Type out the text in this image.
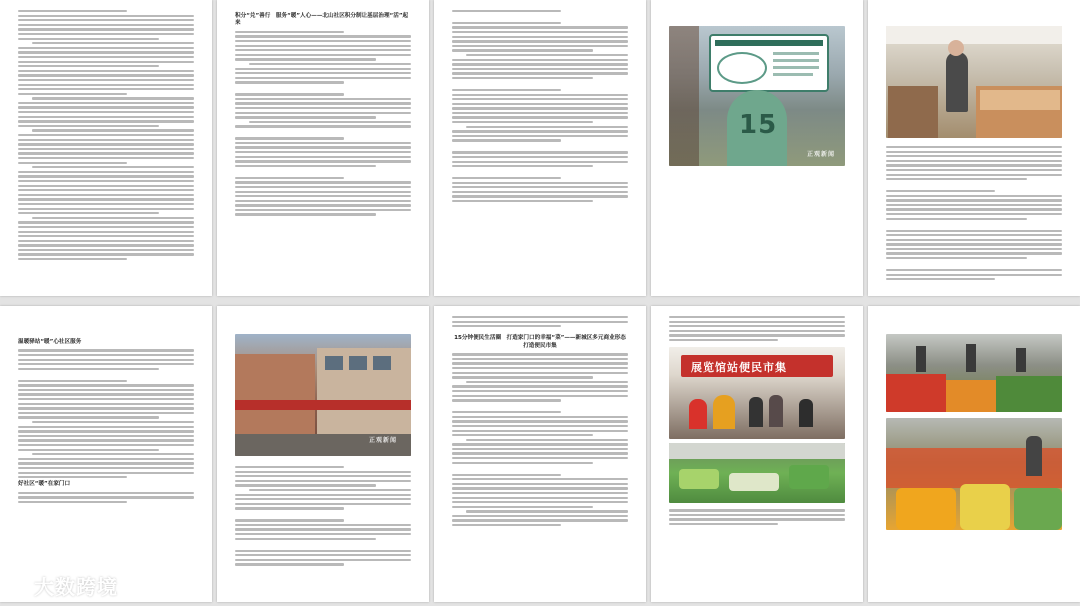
积分“兑”善行　服务“暖”人心——北山社区积分制让基层治理“活”起来
15
正观新闻
温暖驿站“暖”心社区服务
好社区“暖”在家门口
正观新闻
15分钟便民生活圈　打造家门口的幸福“菜”——新城区多元商业形态打造便民市集
展览馆站便民市集
大数跨境
